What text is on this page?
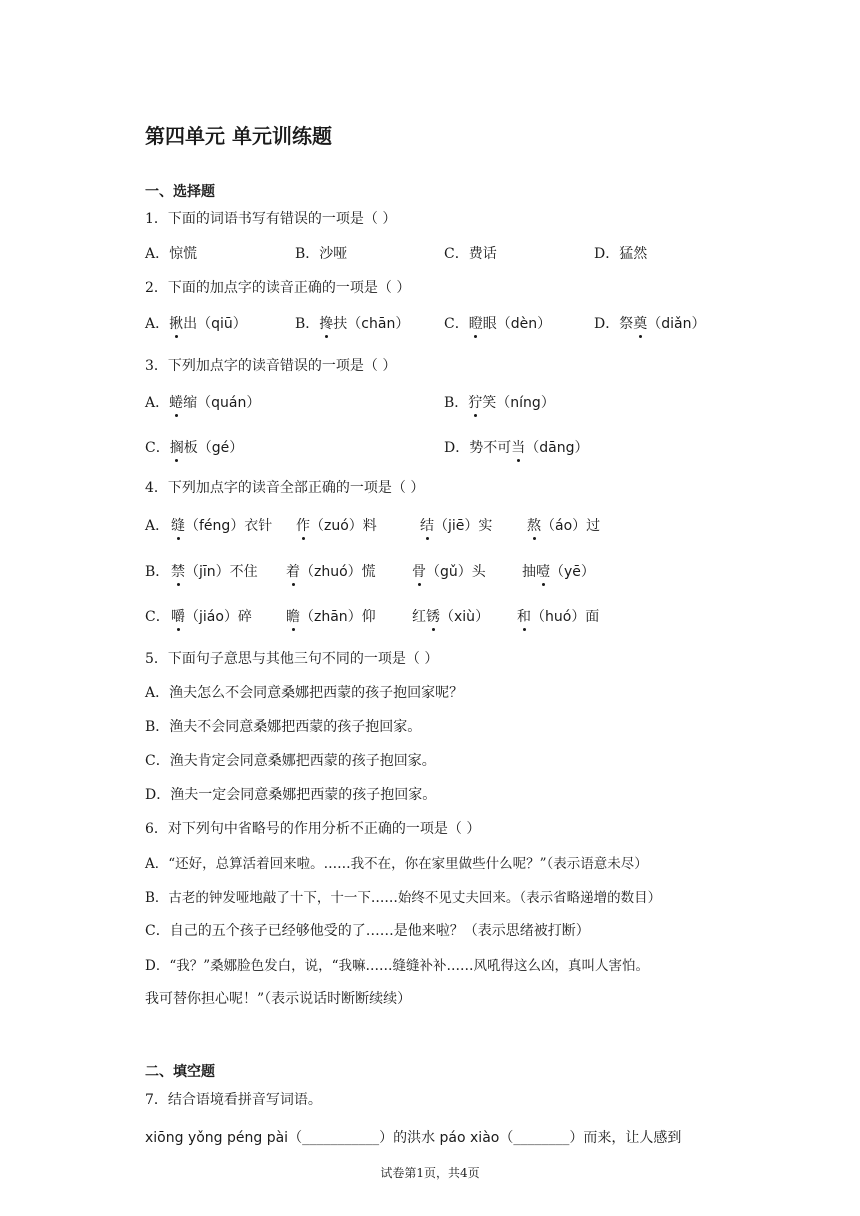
第四单元 单元训练题
一、选择题
1．下面的词语书写有错误的一项是（ ）
A．惊慌	B．沙哑	C．费话	D．猛然
2．下面的加点字的读音正确的一项是（ ）
A．揪出（qiū）	B．搀扶（chān） C．瞪眼（dèn）	D．祭奠（diǎn）
3．下列加点字的读音错误的一项是（ ）
A．蜷缩（quán）	B．狞笑（níng）
C．搁板（gé）	D．势不可当（dāng）
4．下列加点字的读音全部正确的一项是（ ）
A． 缝（féng）衣针 作（zuó）料	结（jiē）实 熬（áo）过
B． 禁（jīn）不住 着（zhuó）慌	骨（gǔ）头	抽噎（yē）
C． 嚼（jiáo）碎 瞻（zhān）仰	红锈（xiù） 和（huó）面
5．下面句子意思与其他三句不同的一项是（ ）
A．渔夫怎么不会同意桑娜把西蒙的孩子抱回家呢？
B．渔夫不会同意桑娜把西蒙的孩子抱回家。
C．渔夫肯定会同意桑娜把西蒙的孩子抱回家。
D．渔夫一定会同意桑娜把西蒙的孩子抱回家。
6．对下列句中省略号的作用分析不正确的一项是（ ）
A．“还好，总算活着回来啦。……我不在，你在家里做些什么呢？”（表示语意未尽）
B．古老的钟发哑地敲了十下，十一下……始终不见丈夫回来。（表示省略递增的数目）
C．自己的五个孩子已经够他受的了……是他来啦？（表示思绪被打断）
D．“我？”桑娜脸色发白，说，“我嘛……缝缝补补……风吼得这么凶，真叫人害怕。
我可替你担心呢！”（表示说话时断断续续）
二、填空题
7．结合语境看拼音写词语。
xiōng yǒng péng pài（___________）的洪水 páo xiào（________）而来，让人感到
试卷第1页，共4页
